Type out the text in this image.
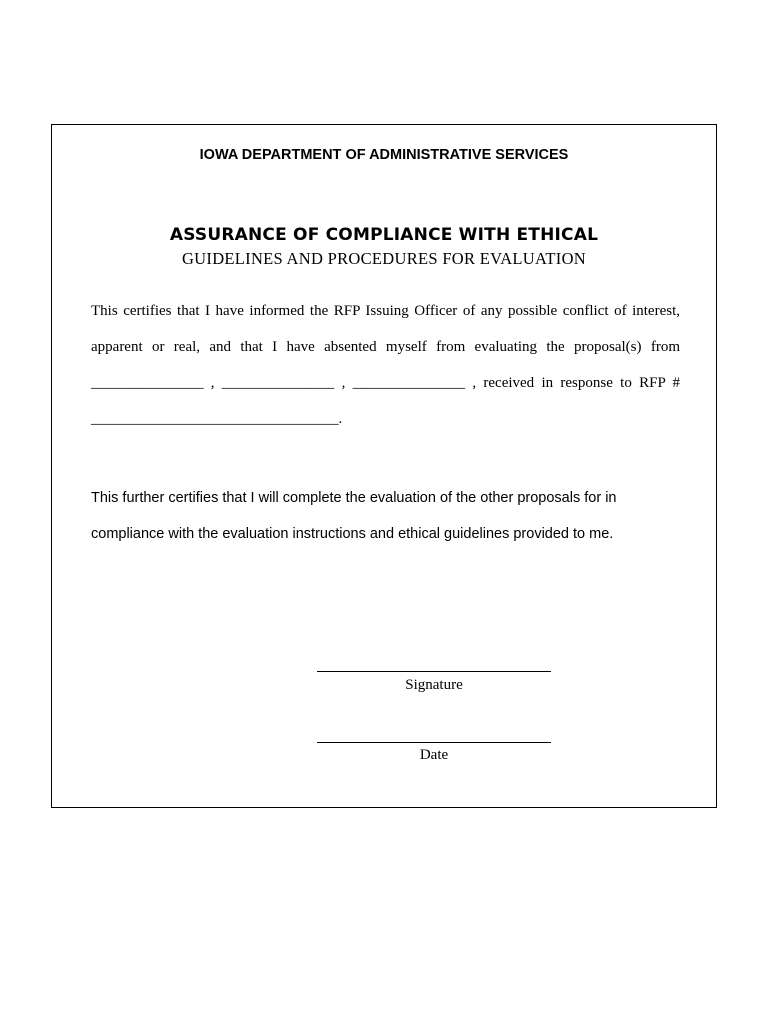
IOWA DEPARTMENT OF ADMINISTRATIVE SERVICES
ASSURANCE OF COMPLIANCE WITH ETHICAL
GUIDELINES AND PROCEDURES FOR EVALUATION
This certifies that I have informed the RFP Issuing Officer of any possible conflict of interest,
apparent or real, and that I have absented myself from evaluating the proposal(s) from
_______________ , _______________ , _______________ , received in response to RFP #
_________________________________.
This further certifies that I will complete the evaluation of the other proposals for in
compliance with the evaluation instructions and ethical guidelines provided to me.
Signature
Date
